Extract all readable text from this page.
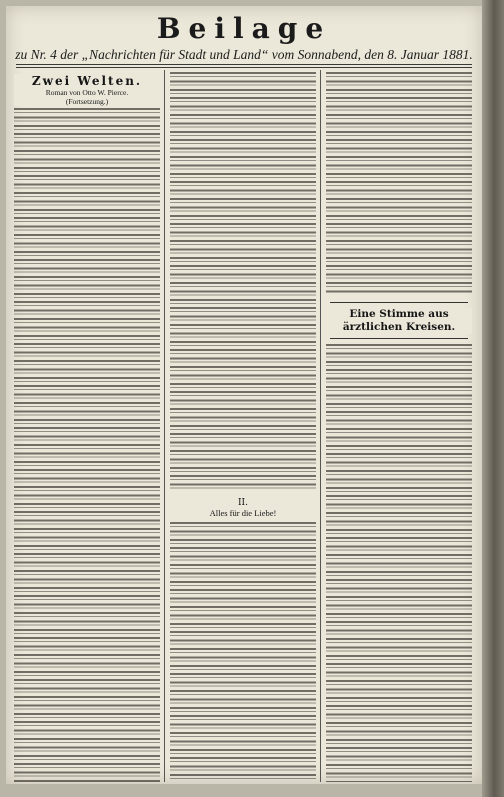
Beilage
zu Nr. 4 der „Nachrichten für Stadt und Land“ vom Sonnabend, den 8. Januar 1881.
Zwei Welten.
Roman von Otto W. Pierce.
(Fortsetzung.)
II.
Alles für die Liebe!
Eine Stimme aus ärztlichen Kreisen.
